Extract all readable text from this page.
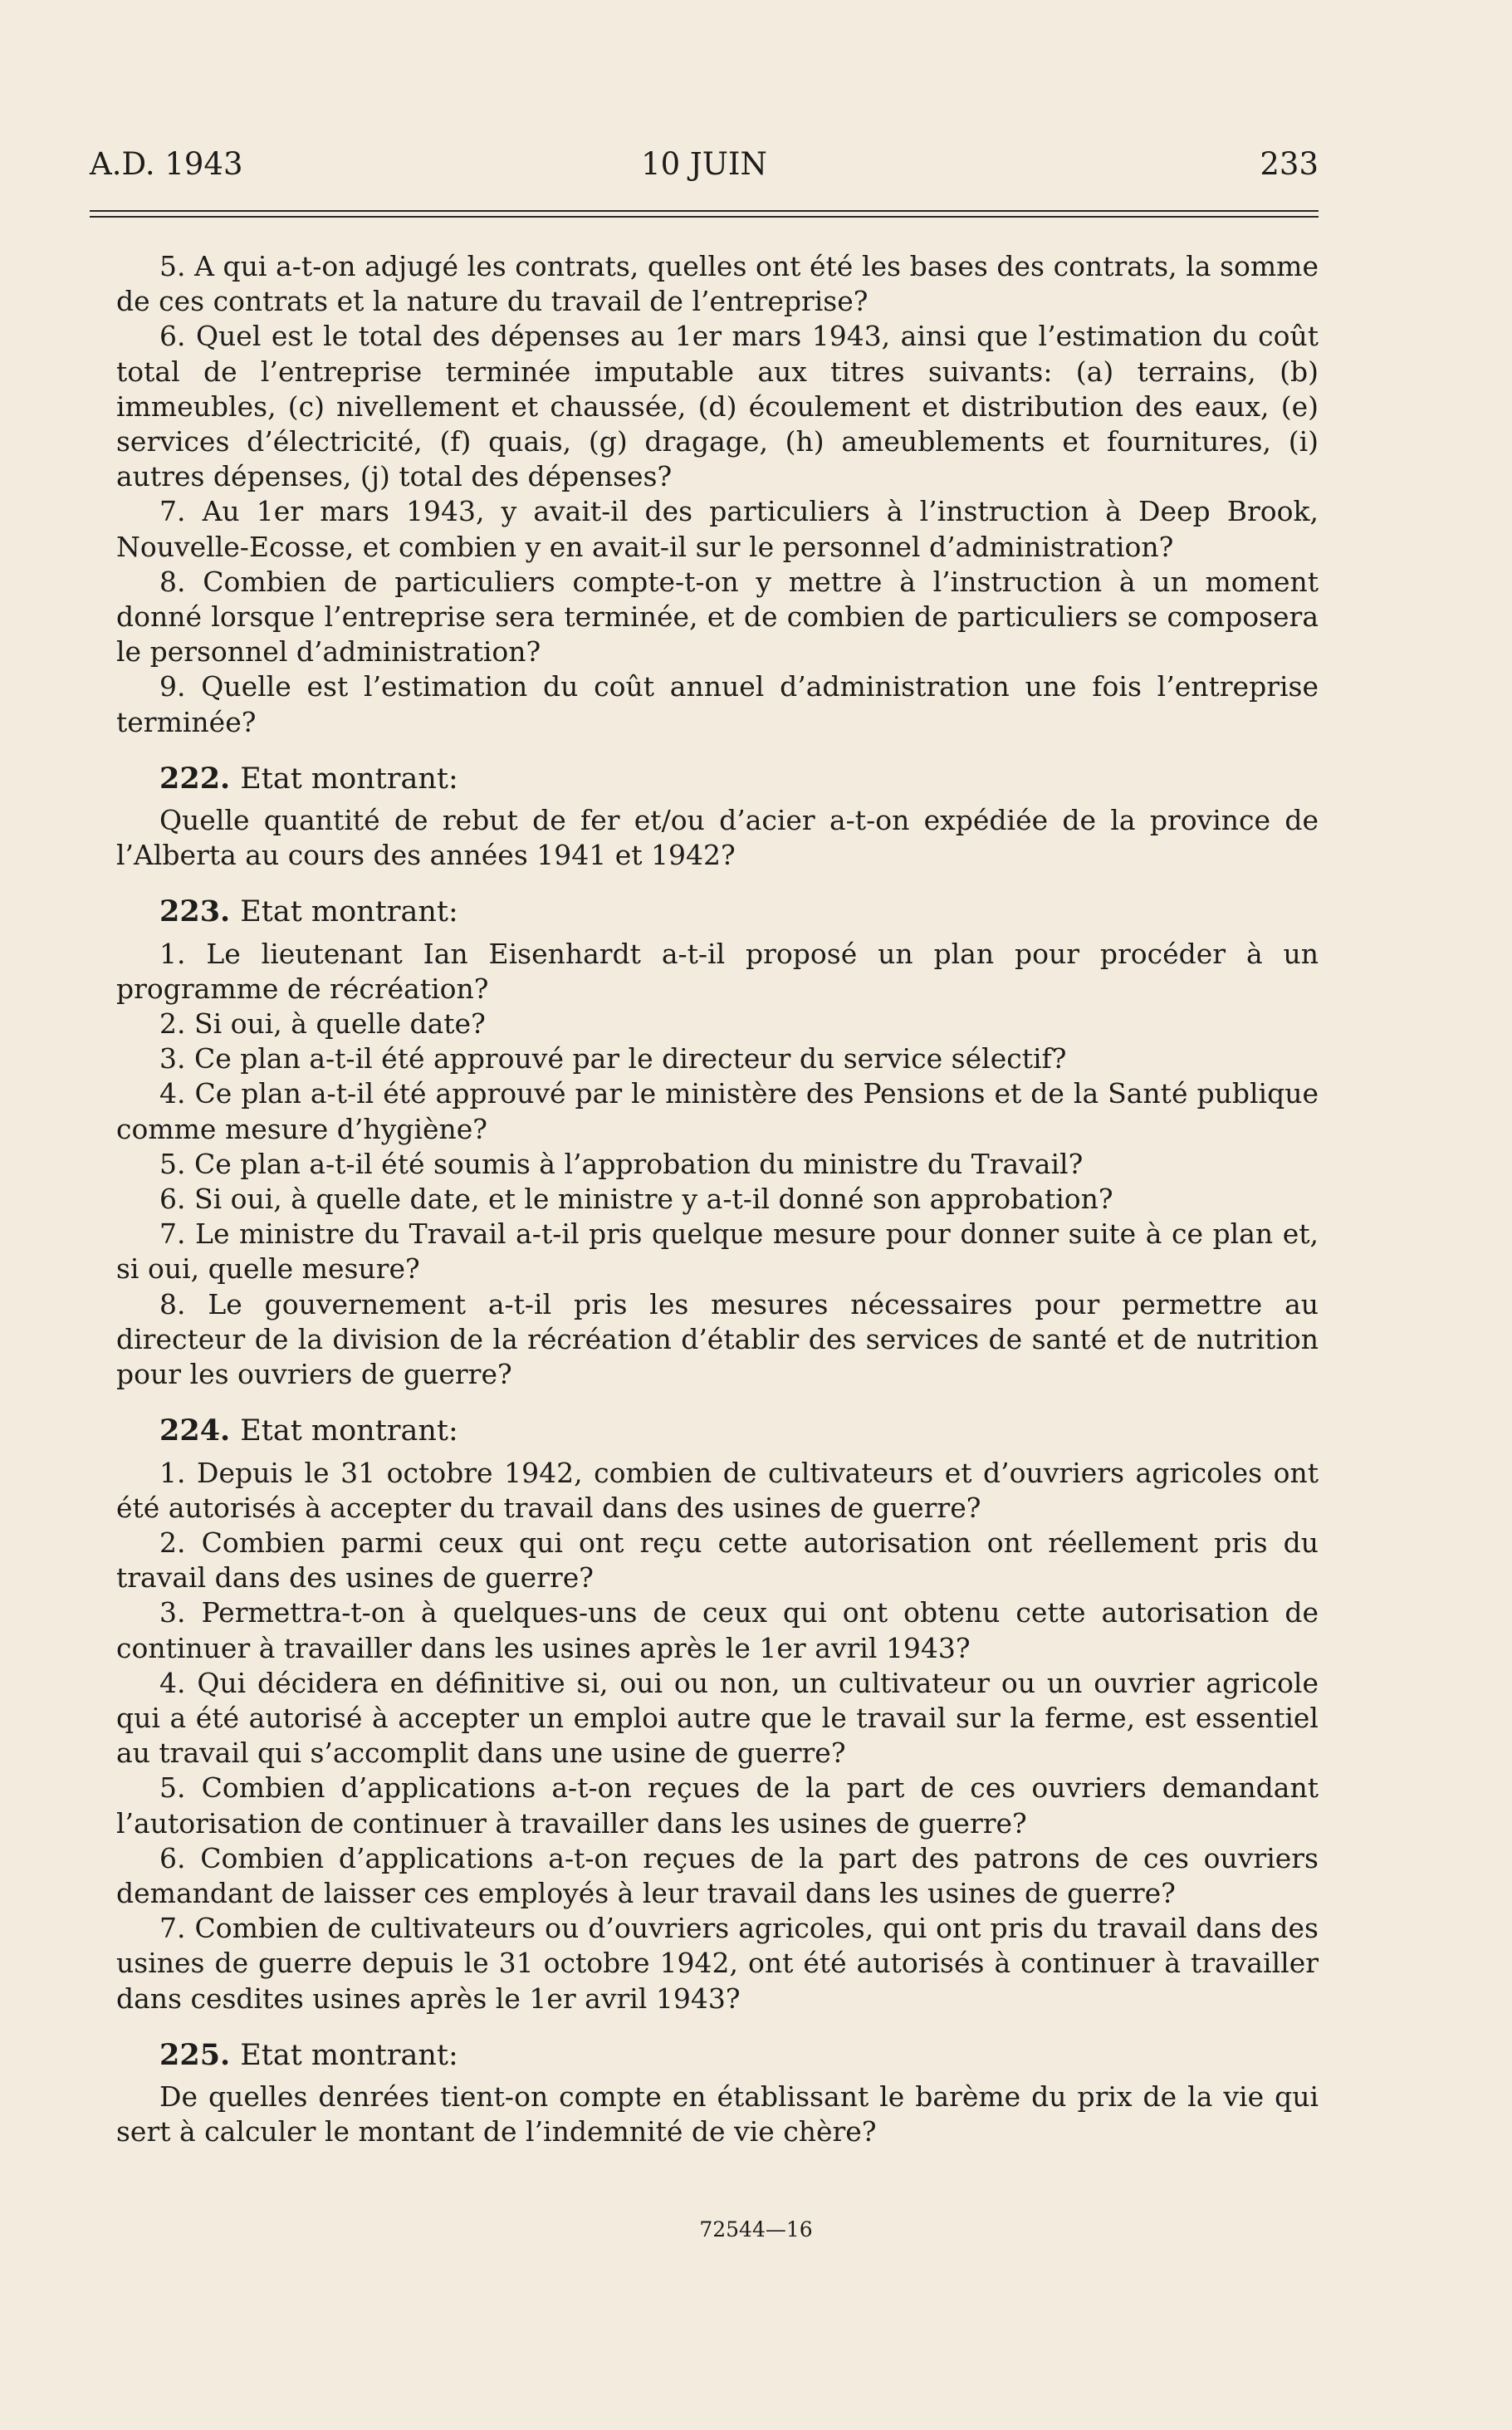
A.D. 1943	10 JUIN	233

5. A qui a-t-on adjugé les contrats, quelles ont été les bases des contrats, la somme de ces contrats et la nature du travail de l’entreprise?

6. Quel est le total des dépenses au 1er mars 1943, ainsi que l’estimation du coût total de l’entreprise terminée imputable aux titres suivants: (a) terrains, (b) immeubles, (c) nivellement et chaussée, (d) écoulement et distribution des eaux, (e) services d’électricité, (f) quais, (g) dragage, (h) ameublements et fournitures, (i) autres dépenses, (j) total des dépenses?

7. Au 1er mars 1943, y avait-il des particuliers à l’instruction à Deep Brook, Nouvelle-Ecosse, et combien y en avait-il sur le personnel d’administration?

8. Combien de particuliers compte-t-on y mettre à l’instruction à un moment donné lorsque l’entreprise sera terminée, et de combien de particuliers se composera le personnel d’administration?

9. Quelle est l’estimation du coût annuel d’administration une fois l’entreprise terminée?

222. Etat montrant:

Quelle quantité de rebut de fer et/ou d’acier a-t-on expédiée de la province de l’Alberta au cours des années 1941 et 1942?

223. Etat montrant:

1. Le lieutenant Ian Eisenhardt a-t-il proposé un plan pour procéder à un programme de récréation?

2. Si oui, à quelle date?

3. Ce plan a-t-il été approuvé par le directeur du service sélectif?

4. Ce plan a-t-il été approuvé par le ministère des Pensions et de la Santé publique comme mesure d’hygiène?

5. Ce plan a-t-il été soumis à l’approbation du ministre du Travail?

6. Si oui, à quelle date, et le ministre y a-t-il donné son approbation?

7. Le ministre du Travail a-t-il pris quelque mesure pour donner suite à ce plan et, si oui, quelle mesure?

8. Le gouvernement a-t-il pris les mesures nécessaires pour permettre au directeur de la division de la récréation d’établir des services de santé et de nutrition pour les ouvriers de guerre?

224. Etat montrant:

1. Depuis le 31 octobre 1942, combien de cultivateurs et d’ouvriers agricoles ont été autorisés à accepter du travail dans des usines de guerre?

2. Combien parmi ceux qui ont reçu cette autorisation ont réellement pris du travail dans des usines de guerre?

3. Permettra-t-on à quelques-uns de ceux qui ont obtenu cette autorisation de continuer à travailler dans les usines après le 1er avril 1943?

4. Qui décidera en définitive si, oui ou non, un cultivateur ou un ouvrier agricole qui a été autorisé à accepter un emploi autre que le travail sur la ferme, est essentiel au travail qui s’accomplit dans une usine de guerre?

5. Combien d’applications a-t-on reçues de la part de ces ouvriers demandant l’autorisation de continuer à travailler dans les usines de guerre?

6. Combien d’applications a-t-on reçues de la part des patrons de ces ouvriers demandant de laisser ces employés à leur travail dans les usines de guerre?

7. Combien de cultivateurs ou d’ouvriers agricoles, qui ont pris du travail dans des usines de guerre depuis le 31 octobre 1942, ont été autorisés à continuer à travailler dans cesdites usines après le 1er avril 1943?

225. Etat montrant:

De quelles denrées tient-on compte en établissant le barème du prix de la vie qui sert à calculer le montant de l’indemnité de vie chère?

72544—16
